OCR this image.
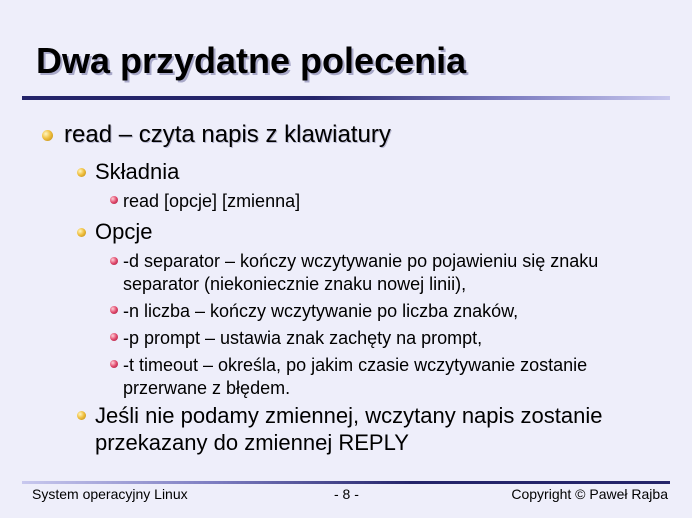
Dwa przydatne polecenia
read – czyta napis z klawiatury
Składnia
read [opcje] [zmienna]
Opcje
-d separator – kończy wczytywanie po pojawieniu się znaku separator (niekoniecznie znaku nowej linii),
-n liczba – kończy wczytywanie po liczba znaków,
-p prompt – ustawia znak zachęty na prompt,
-t timeout – określa, po jakim czasie wczytywanie zostanie przerwane z błędem.
Jeśli nie podamy zmiennej, wczytany napis zostanie przekazany do zmiennej REPLY
System operacyjny Linux	- 8 -	Copyright © Paweł Rajba
